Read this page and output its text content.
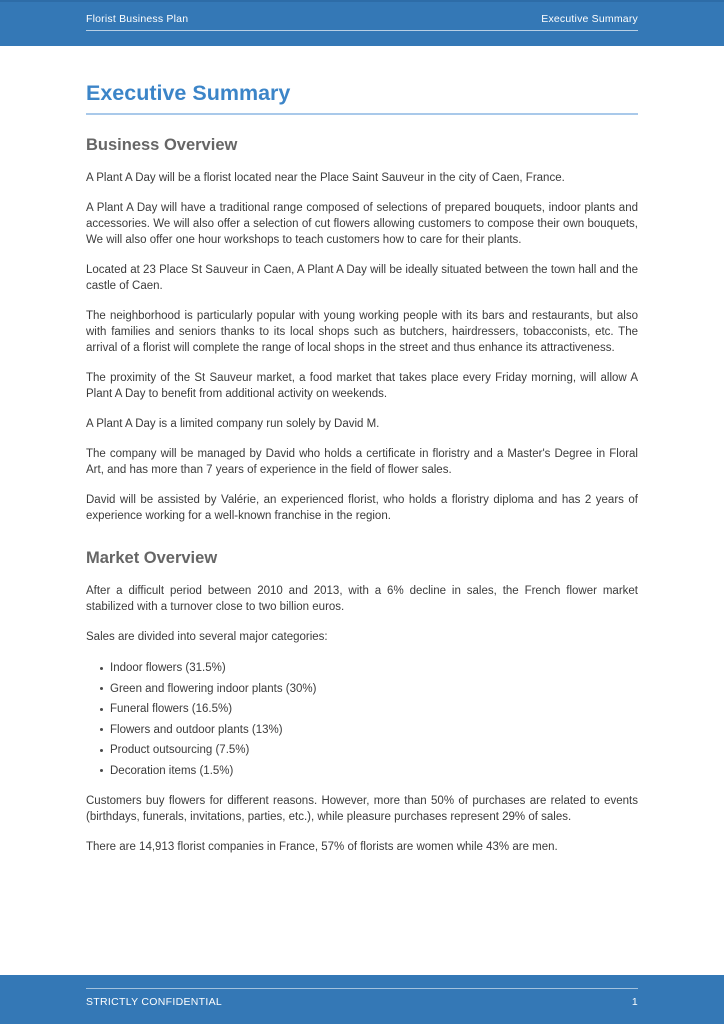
Florist Business Plan	Executive Summary
Executive Summary
Business Overview

A Plant A Day will be a florist located near the Place Saint Sauveur in the city of Caen, France.

A Plant A Day will have a traditional range composed of selections of prepared bouquets, indoor plants and accessories. We will also offer a selection of cut flowers allowing customers to compose their own bouquets, We will also offer one hour workshops to teach customers how to care for their plants.

Located at 23 Place St Sauveur in Caen, A Plant A Day will be ideally situated between the town hall and the castle of Caen.

The neighborhood is particularly popular with young working people with its bars and restaurants, but also with families and seniors thanks to its local shops such as butchers, hairdressers, tobacconists, etc. The arrival of a florist will complete the range of local shops in the street and thus enhance its attractiveness.

The proximity of the St Sauveur market, a food market that takes place every Friday morning, will allow A Plant A Day to benefit from additional activity on weekends.

A Plant A Day is a limited company run solely by David M.

The company will be managed by David who holds a certificate in floristry and a Master's Degree in Floral Art, and has more than 7 years of experience in the field of flower sales.

David will be assisted by Valérie, an experienced florist, who holds a floristry diploma and has 2 years of experience working for a well-known franchise in the region.

Market Overview

After a difficult period between 2010 and 2013, with a 6% decline in sales, the French flower market stabilized with a turnover close to two billion euros.

Sales are divided into several major categories:

Indoor flowers (31.5%)
Green and flowering indoor plants (30%)
Funeral flowers (16.5%)
Flowers and outdoor plants (13%)
Product outsourcing (7.5%)
Decoration items (1.5%)

Customers buy flowers for different reasons. However, more than 50% of purchases are related to events (birthdays, funerals, invitations, parties, etc.), while pleasure purchases represent 29% of sales.

There are 14,913 florist companies in France, 57% of florists are women while 43% are men.

STRICTLY CONFIDENTIAL	1
